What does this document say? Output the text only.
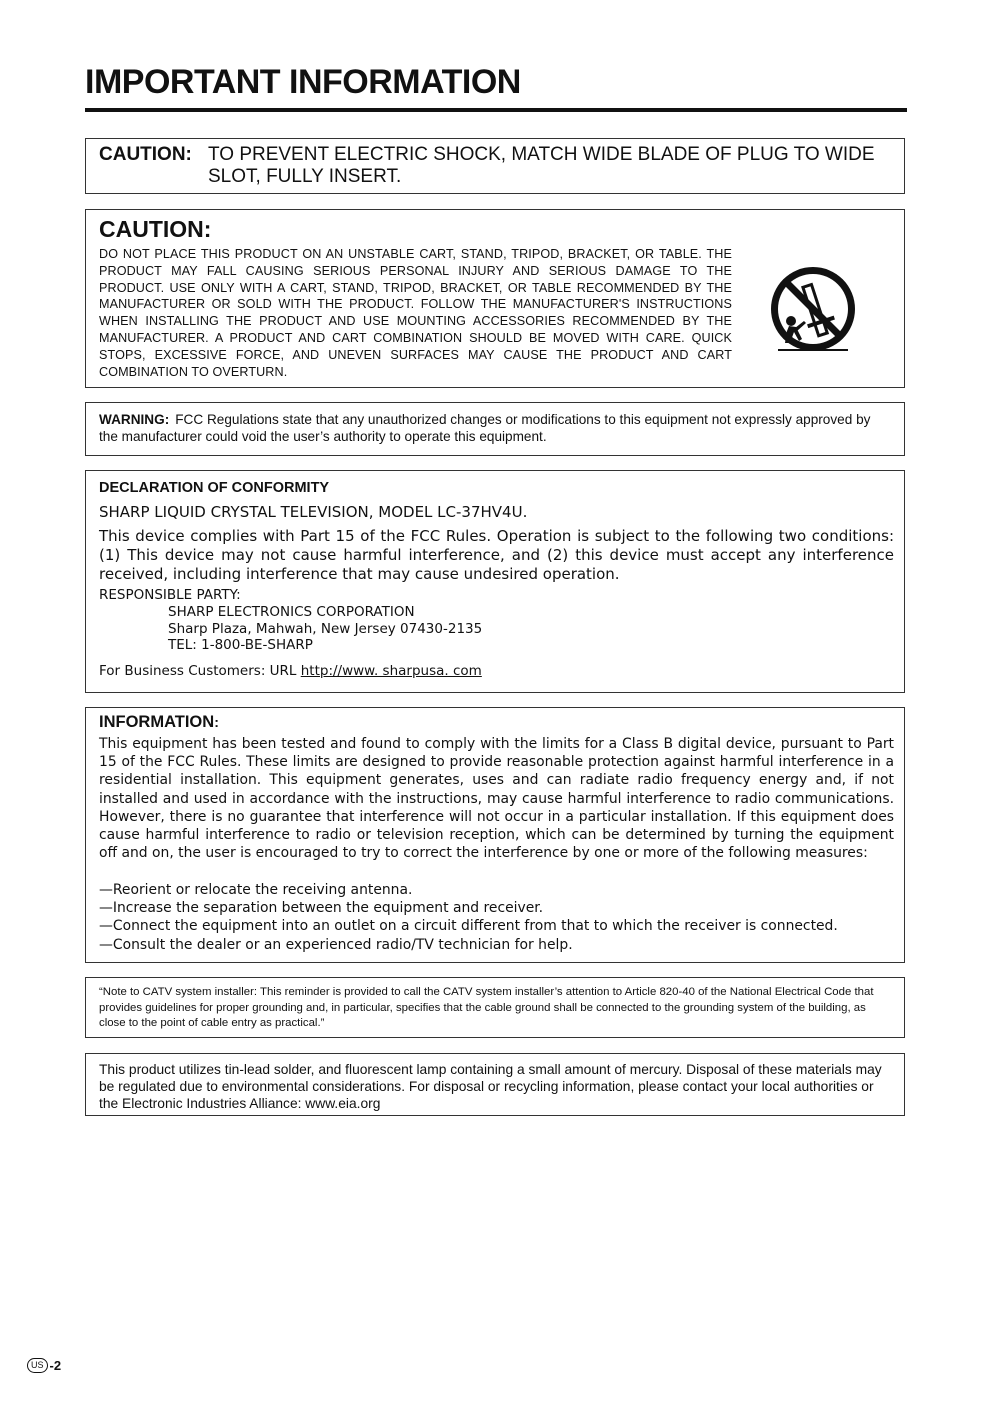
IMPORTANT INFORMATION
CAUTION: TO PREVENT ELECTRIC SHOCK, MATCH WIDE BLADE OF PLUG TO WIDE SLOT, FULLY INSERT.
CAUTION:
DO NOT PLACE THIS PRODUCT ON AN UNSTABLE CART, STAND, TRIPOD, BRACKET, OR TABLE. THE PRODUCT MAY FALL CAUSING SERIOUS PERSONAL INJURY AND SERIOUS DAMAGE TO THE PRODUCT. USE ONLY WITH A CART, STAND, TRIPOD, BRACKET, OR TABLE RECOMMENDED BY THE MANUFACTURER OR SOLD WITH THE PRODUCT. FOLLOW THE MANUFACTURER'S INSTRUCTIONS WHEN INSTALLING THE PRODUCT AND USE MOUNTING ACCESSORIES RECOMMENDED BY THE MANUFACTURER. A PRODUCT AND CART COMBINATION SHOULD BE MOVED WITH CARE. QUICK STOPS, EXCESSIVE FORCE, AND UNEVEN SURFACES MAY CAUSE THE PRODUCT AND CART COMBINATION TO OVERTURN.
WARNING: FCC Regulations state that any unauthorized changes or modifications to this equipment not expressly approved by the manufacturer could void the user’s authority to operate this equipment.
DECLARATION OF CONFORMITY
SHARP LIQUID CRYSTAL TELEVISION, MODEL LC-37HV4U.
This device complies with Part 15 of the FCC Rules. Operation is subject to the following two conditions: (1) This device may not cause harmful interference, and (2) this device must accept any interference received, including interference that may cause undesired operation.
RESPONSIBLE PARTY:
SHARP ELECTRONICS CORPORATION
Sharp Plaza, Mahwah, New Jersey 07430-2135
TEL: 1-800-BE-SHARP
For Business Customers: URL http://www. sharpusa. com
INFORMATION:
This equipment has been tested and found to comply with the limits for a Class B digital device, pursuant to Part 15 of the FCC Rules. These limits are designed to provide reasonable protection against harmful interference in a residential installation. This equipment generates, uses and can radiate radio frequency energy and, if not installed and used in accordance with the instructions, may cause harmful interference to radio communications. However, there is no guarantee that interference will not occur in a particular installation. If this equipment does cause harmful interference to radio or television reception, which can be determined by turning the equipment off and on, the user is encouraged to try to correct the interference by one or more of the following measures:
—Reorient or relocate the receiving antenna.
—Increase the separation between the equipment and receiver.
—Connect the equipment into an outlet on a circuit different from that to which the receiver is connected.
—Consult the dealer or an experienced radio/TV technician for help.
“Note to CATV system installer: This reminder is provided to call the CATV system installer’s attention to Article 820-40 of the National Electrical Code that provides guidelines for proper grounding and, in particular, specifies that the cable ground shall be connected to the grounding system of the building, as close to the point of cable entry as practical.”
This product utilizes tin-lead solder, and fluorescent lamp containing a small amount of mercury. Disposal of these materials may be regulated due to environmental considerations. For disposal or recycling information, please contact your local authorities or the Electronic Industries Alliance: www.eia.org
US -2
